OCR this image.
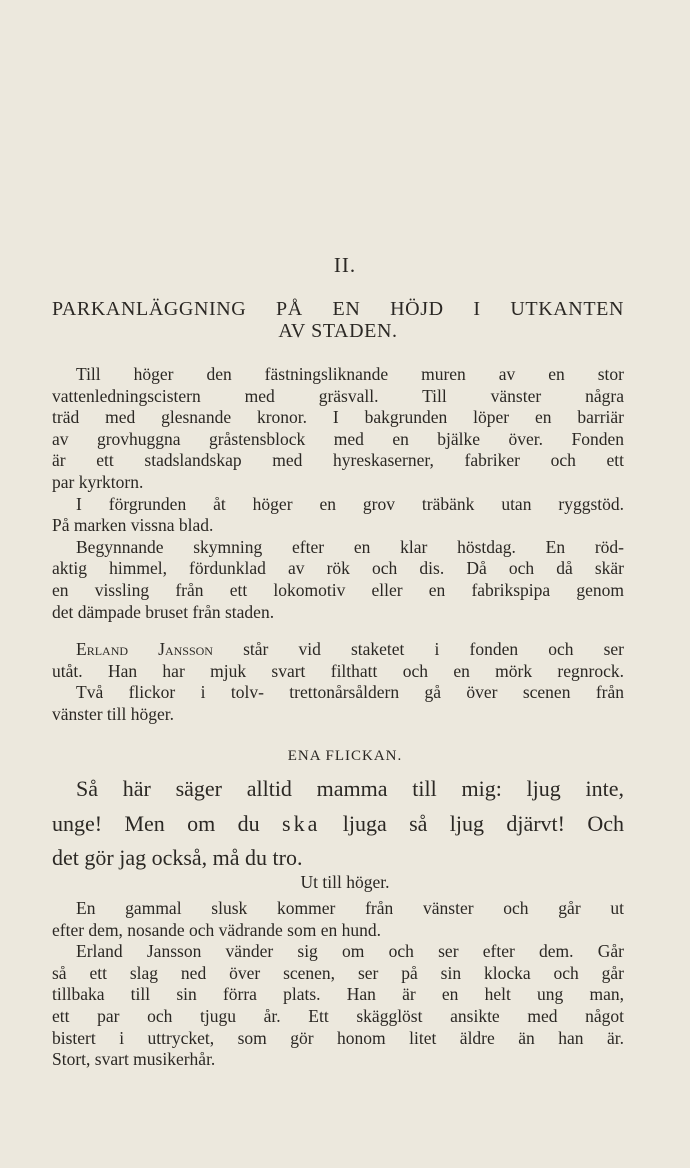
II.
PARKANLÄGGNING PÅ EN HÖJD I UTKANTEN
AV STADEN.
Till höger den fästningsliknande muren av en stor
vattenledningscistern med gräsvall. Till vänster några
träd med glesnande kronor. I bakgrunden löper en barriär
av grovhuggna gråstensblock med en bjälke över. Fonden
är ett stadslandskap med hyreskaserner, fabriker och ett
par kyrktorn.
I förgrunden åt höger en grov träbänk utan ryggstöd.
På marken vissna blad.
Begynnande skymning efter en klar höstdag. En röd-
aktig himmel, fördunklad av rök och dis. Då och då skär
en vissling från ett lokomotiv eller en fabrikspipa genom
det dämpade bruset från staden.
Erland Jansson står vid staketet i fonden och ser
utåt. Han har mjuk svart filthatt och en mörk regnrock.
Två flickor i tolv- trettonårsåldern gå över scenen från
vänster till höger.
ENA FLICKAN.
Så här säger alltid mamma till mig: ljug inte,
unge! Men om du ska ljuga så ljug djärvt! Och
det gör jag också, må du tro.
Ut till höger.
En gammal slusk kommer från vänster och går ut
efter dem, nosande och vädrande som en hund.
Erland Jansson vänder sig om och ser efter dem. Går
så ett slag ned över scenen, ser på sin klocka och går
tillbaka till sin förra plats. Han är en helt ung man,
ett par och tjugu år. Ett skägglöst ansikte med något
bistert i uttrycket, som gör honom litet äldre än han är.
Stort, svart musikerhår.
